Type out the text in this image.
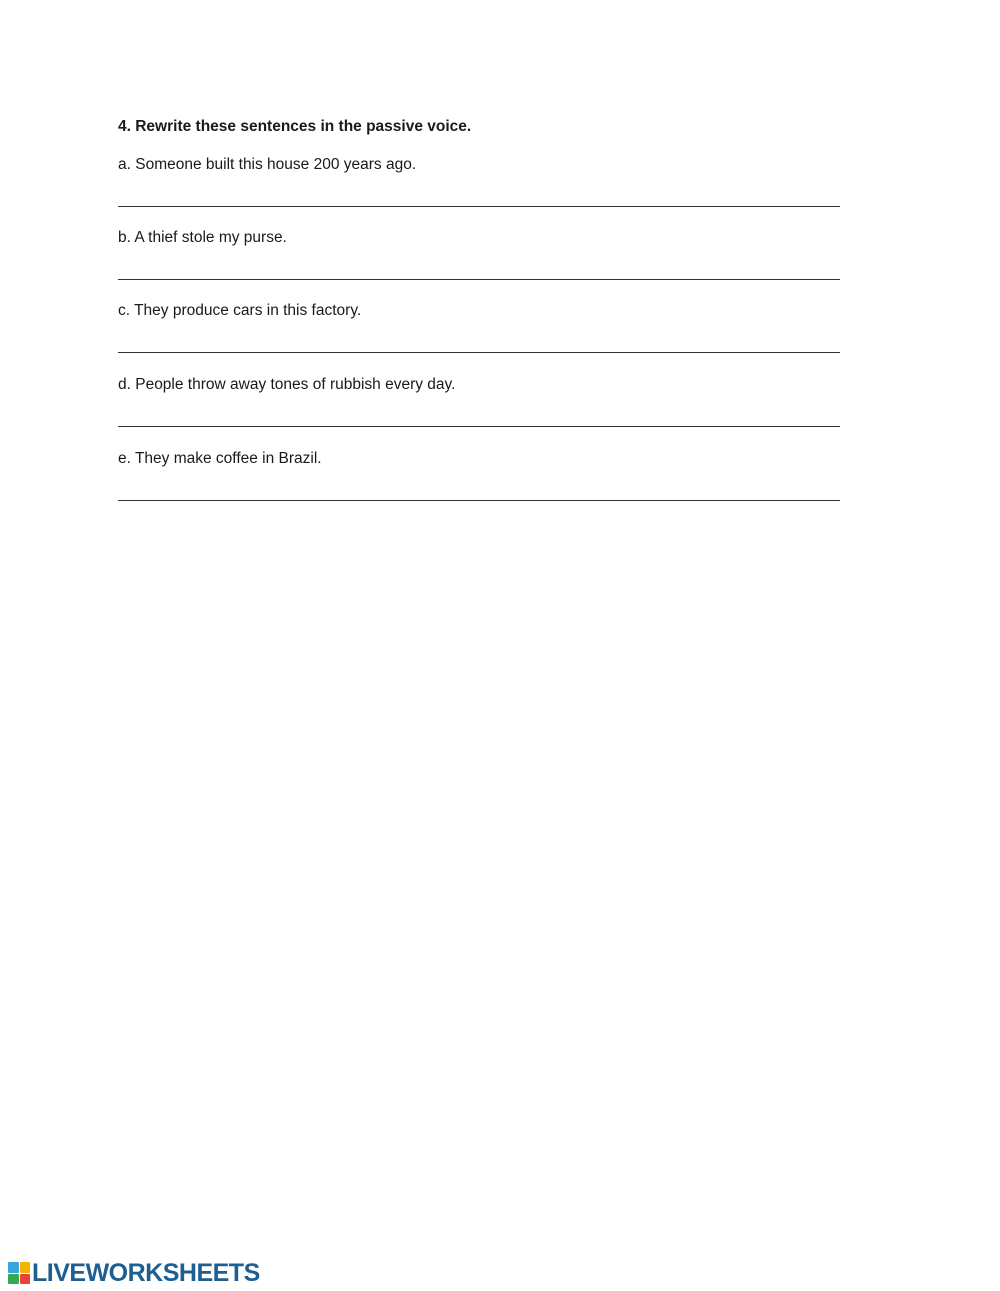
4. Rewrite these sentences in the passive voice.
a. Someone built this house 200 years ago.
b. A thief stole my purse.
c. They produce cars in this factory.
d. People throw away tones of rubbish every day.
e. They make coffee in Brazil.
LIVEWORKSHEETS
